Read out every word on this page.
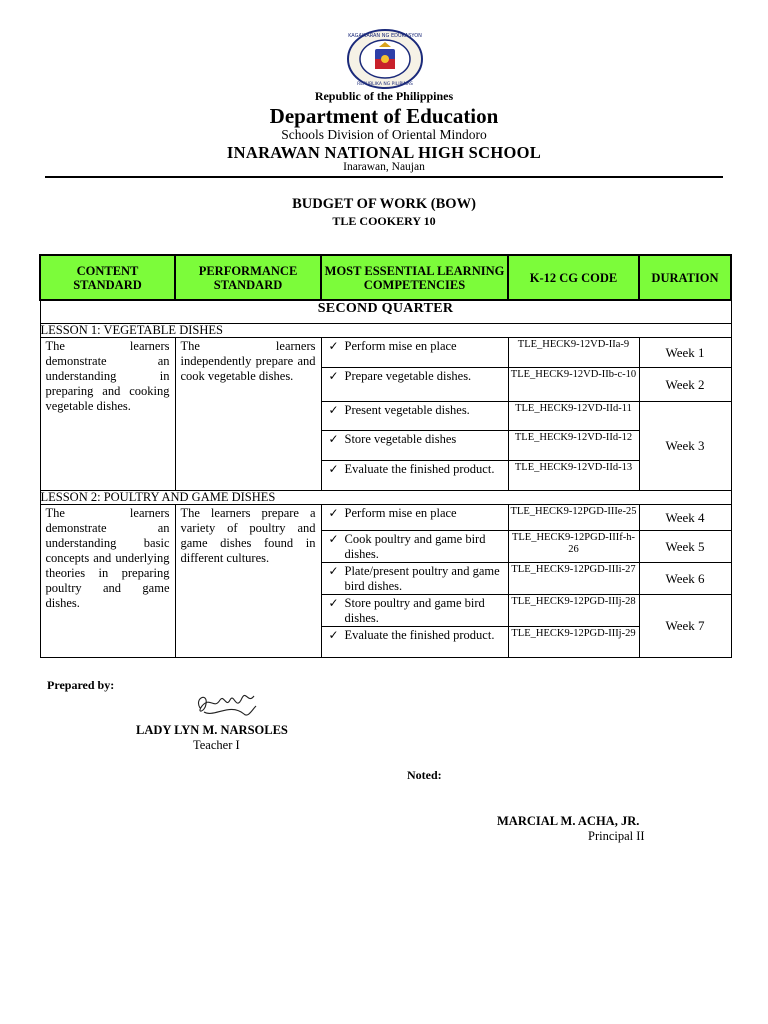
KAGAWARAN NG EDUKASYON
REPUBLIKA NG PILIPINAS
Republic of the Philippines
Department of Education
Schools Division of Oriental Mindoro
INARAWAN NATIONAL HIGH SCHOOL
Inarawan, Naujan
BUDGET OF WORK (BOW)
TLE COOKERY 10
CONTENT STANDARD	PERFORMANCE STANDARD	MOST ESSENTIAL LEARNING COMPETENCIES	K-12 CG CODE	DURATION
SECOND QUARTER				
LESSON 1: VEGETABLE DISHES				
The learners demonstrate an understanding in preparing and cooking vegetable dishes.	The learners independently prepare and cook vegetable dishes.	✓ Perform mise en place	TLE_HECK9-12VD-IIa-9	Week 1

		✓ Prepare vegetable dishes.	TLE_HECK9-12VD-IIb-c-10	Week 2

		✓ Present vegetable dishes.	TLE_HECK9-12VD-IId-11	Week 3

		✓ Store vegetable dishes	TLE_HECK9-12VD-IId-12	

		✓ Evaluate the finished product.	TLE_HECK9-12VD-IId-13	
LESSON 2: POULTRY AND GAME DISHES				
The learners demonstrate an understanding basic concepts and underlying theories in preparing poultry and game dishes.	The learners prepare a variety of poultry and game dishes found in different cultures.	✓ Perform mise en place	TLE_HECK9-12PGD-IIIe-25	Week 4

		✓ Cook poultry and game bird dishes.	TLE_HECK9-12PGD-IIIf-h-26	Week 5

		✓ Plate/present poultry and game bird dishes.	TLE_HECK9-12PGD-IIIi-27	Week 6

		✓ Store poultry and game bird dishes.	TLE_HECK9-12PGD-IIIj-28	Week 7

		✓ Evaluate the finished product.	TLE_HECK9-12PGD-IIIj-29	
Prepared by:
LADY LYN M. NARSOLES
Teacher I
Noted:
MARCIAL M. ACHA, JR.
Principal II
